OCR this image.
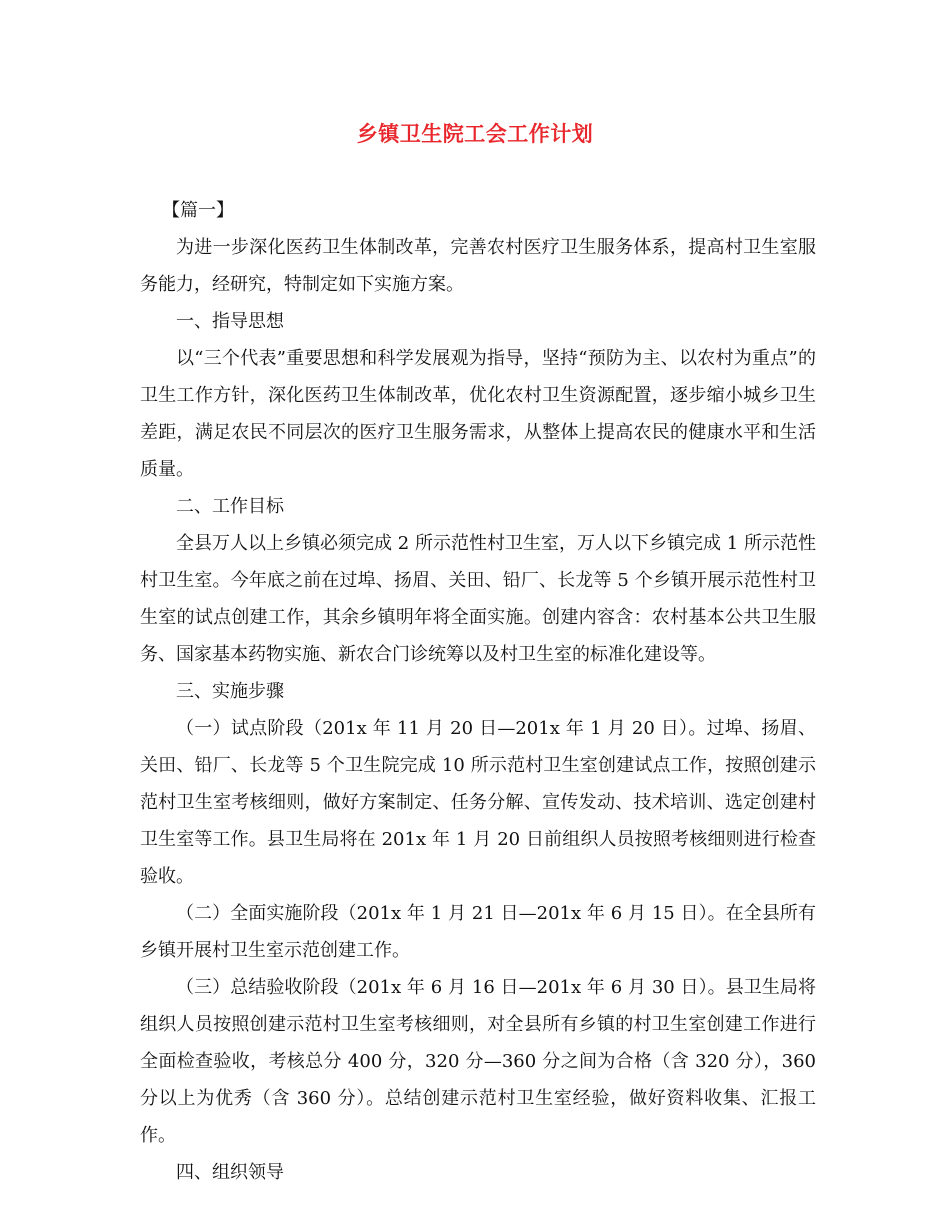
乡镇卫生院工会工作计划

【篇一】

为进一步深化医药卫生体制改革，完善农村医疗卫生服务体系，提高村卫生室服务能力，经研究，特制定如下实施方案。

一、指导思想

以“三个代表”重要思想和科学发展观为指导，坚持“预防为主、以农村为重点”的卫生工作方针，深化医药卫生体制改革，优化农村卫生资源配置，逐步缩小城乡卫生差距，满足农民不同层次的医疗卫生服务需求，从整体上提高农民的健康水平和生活质量。

二、工作目标

全县万人以上乡镇必须完成 2 所示范性村卫生室，万人以下乡镇完成 1 所示范性村卫生室。今年底之前在过埠、扬眉、关田、铅厂、长龙等 5 个乡镇开展示范性村卫生室的试点创建工作，其余乡镇明年将全面实施。创建内容含：农村基本公共卫生服务、国家基本药物实施、新农合门诊统筹以及村卫生室的标准化建设等。

三、实施步骤

（一）试点阶段（201x 年 11 月 20 日—201x 年 1 月 20 日）。过埠、扬眉、关田、铅厂、长龙等 5 个卫生院完成 10 所示范村卫生室创建试点工作，按照创建示范村卫生室考核细则，做好方案制定、任务分解、宣传发动、技术培训、选定创建村卫生室等工作。县卫生局将在 201x 年 1 月 20 日前组织人员按照考核细则进行检查验收。

（二）全面实施阶段（201x 年 1 月 21 日—201x 年 6 月 15 日）。在全县所有乡镇开展村卫生室示范创建工作。

（三）总结验收阶段（201x 年 6 月 16 日—201x 年 6 月 30 日）。县卫生局将组织人员按照创建示范村卫生室考核细则，对全县所有乡镇的村卫生室创建工作进行全面检查验收，考核总分 400 分，320 分—360 分之间为合格（含 320 分），360 分以上为优秀（含 360 分）。总结创建示范村卫生室经验，做好资料收集、汇报工作。

四、组织领导
